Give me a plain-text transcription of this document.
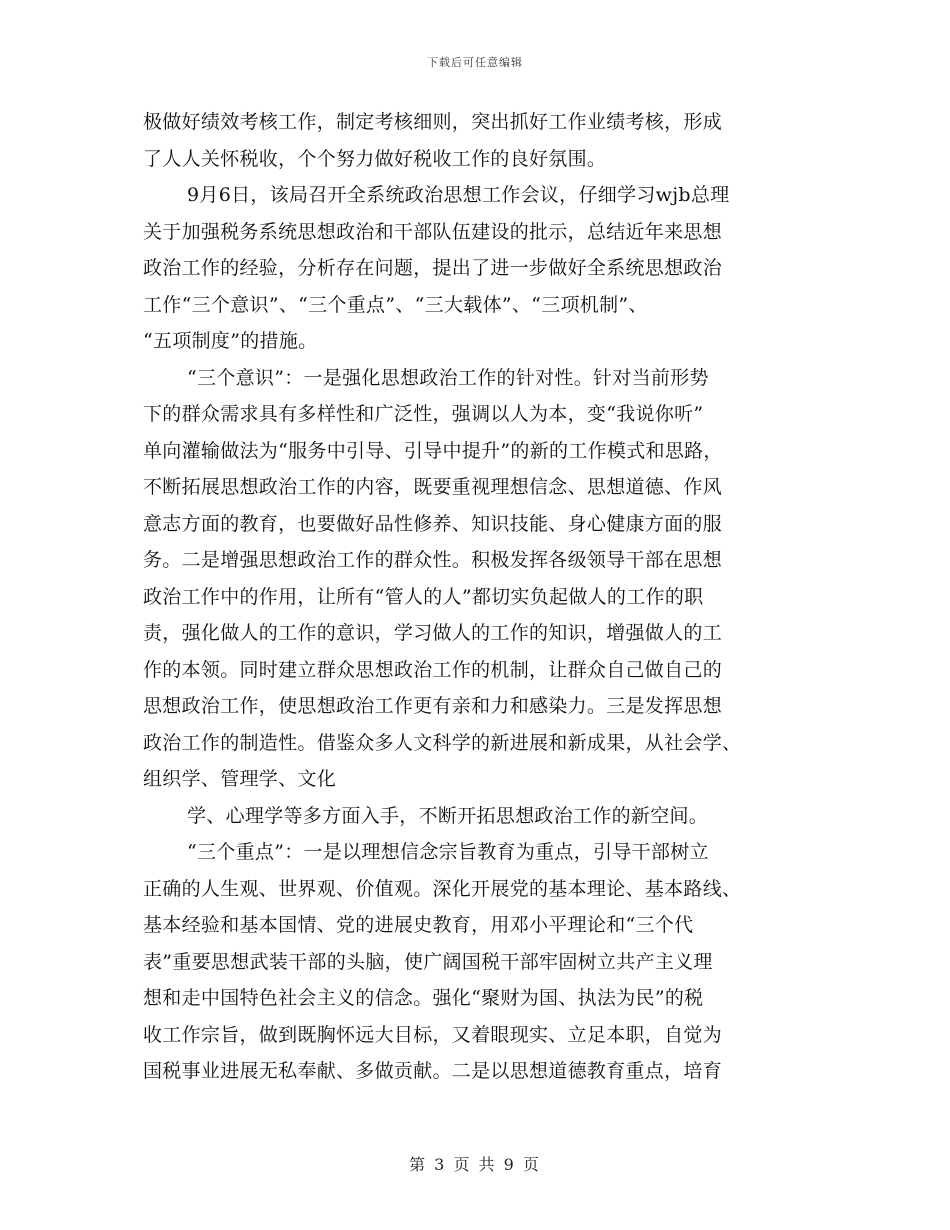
下载后可任意编辑
极做好绩效考核工作，制定考核细则，突出抓好工作业绩考核，形成
了人人关怀税收，个个努力做好税收工作的良好氛围。
9月6日，该局召开全系统政治思想工作会议，仔细学习wjb总理
关于加强税务系统思想政治和干部队伍建设的批示，总结近年来思想
政治工作的经验，分析存在问题，提出了进一步做好全系统思想政治
工作“三个意识”、“三个重点”、“三大载体”、“三项机制”、
“五项制度”的措施。
“三个意识”：一是强化思想政治工作的针对性。针对当前形势
下的群众需求具有多样性和广泛性，强调以人为本，变“我说你听”
单向灌输做法为“服务中引导、引导中提升”的新的工作模式和思路，
不断拓展思想政治工作的内容，既要重视理想信念、思想道德、作风
意志方面的教育，也要做好品性修养、知识技能、身心健康方面的服
务。二是增强思想政治工作的群众性。积极发挥各级领导干部在思想
政治工作中的作用，让所有“管人的人”都切实负起做人的工作的职
责，强化做人的工作的意识，学习做人的工作的知识，增强做人的工
作的本领。同时建立群众思想政治工作的机制，让群众自己做自己的
思想政治工作，使思想政治工作更有亲和力和感染力。三是发挥思想
政治工作的制造性。借鉴众多人文科学的新进展和新成果，从社会学、
组织学、管理学、文化
学、心理学等多方面入手，不断开拓思想政治工作的新空间。
“三个重点”：一是以理想信念宗旨教育为重点，引导干部树立
正确的人生观、世界观、价值观。深化开展党的基本理论、基本路线、
基本经验和基本国情、党的进展史教育，用邓小平理论和“三个代
表”重要思想武装干部的头脑，使广阔国税干部牢固树立共产主义理
想和走中国特色社会主义的信念。强化“聚财为国、执法为民”的税
收工作宗旨，做到既胸怀远大目标，又着眼现实、立足本职，自觉为
国税事业进展无私奉献、多做贡献。二是以思想道德教育重点，培育
第 3 页 共 9 页
